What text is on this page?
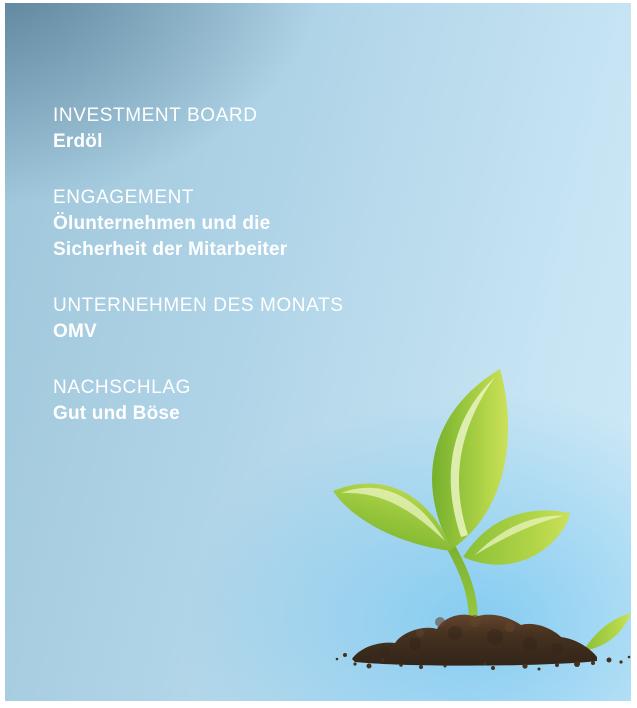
INVESTMENT BOARD
Erdöl
ENGAGEMENT
Ölunternehmen und die
Sicherheit der Mitarbeiter
UNTERNEHMEN DES MONATS
OMV
NACHSCHLAG
Gut und Böse
